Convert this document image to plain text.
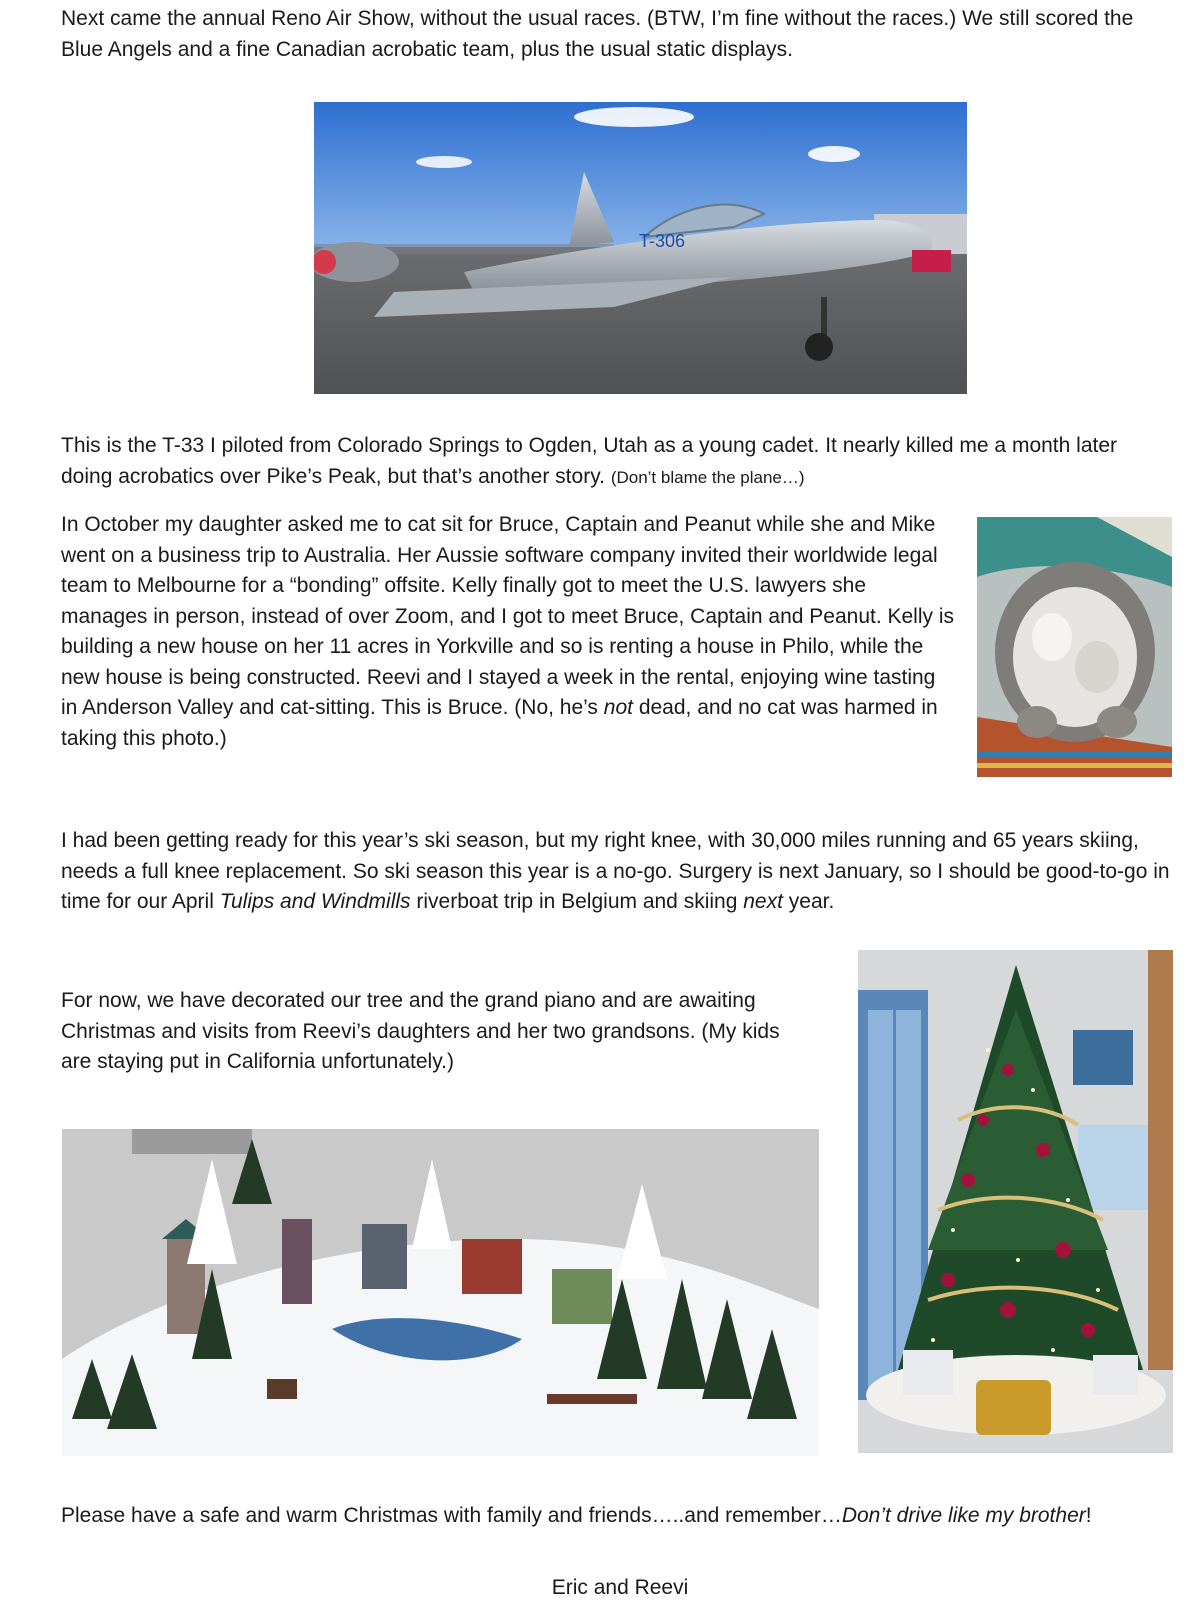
Next came the annual Reno Air Show, without the usual races. (BTW, I’m fine without the races.) We still scored the Blue Angels and a fine Canadian acrobatic team, plus the usual static displays.

T-306

This is the T-33 I piloted from Colorado Springs to Ogden, Utah as a young cadet. It nearly killed me a month later doing acrobatics over Pike’s Peak, but that’s another story. (Don’t blame the plane…)

In October my daughter asked me to cat sit for Bruce, Captain and Peanut while she and Mike went on a business trip to Australia. Her Aussie software company invited their worldwide legal team to Melbourne for a “bonding” offsite. Kelly finally got to meet the U.S. lawyers she manages in person, instead of over Zoom, and I got to meet Bruce, Captain and Peanut. Kelly is building a new house on her 11 acres in Yorkville and so is renting a house in Philo, while the new house is being constructed. Reevi and I stayed a week in the rental, enjoying wine tasting in Anderson Valley and cat-sitting. This is Bruce. (No, he’s not dead, and no cat was harmed in taking this photo.)

I had been getting ready for this year’s ski season, but my right knee, with 30,000 miles running and 65 years skiing, needs a full knee replacement. So ski season this year is a no-go. Surgery is next January, so I should be good-to-go in time for our April Tulips and Windmills riverboat trip in Belgium and skiing next year.

For now, we have decorated our tree and the grand piano and are awaiting Christmas and visits from Reevi’s daughters and her two grandsons. (My kids are staying put in California unfortunately.)

Please have a safe and warm Christmas with family and friends…..and remember…Don’t drive like my brother!

Eric and Reevi
